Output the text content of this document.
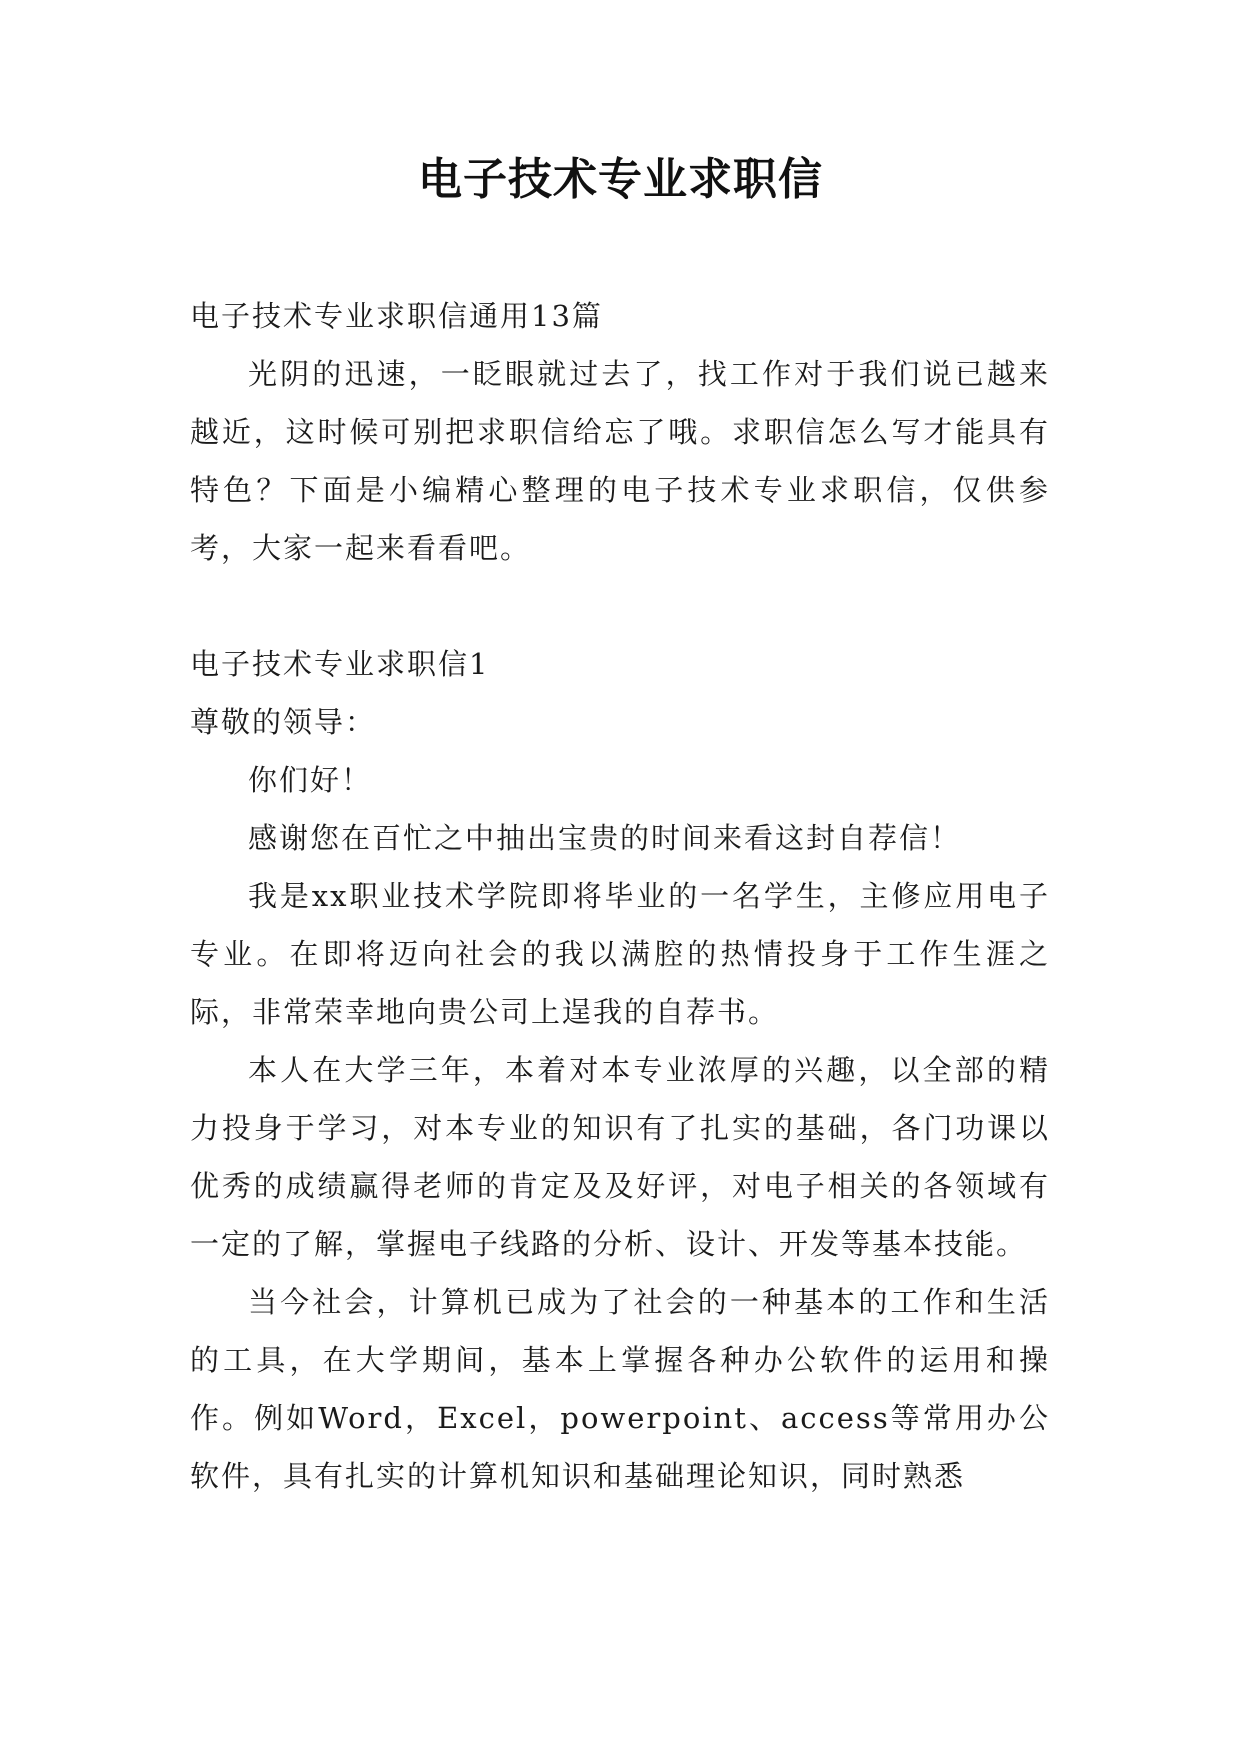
电子技术专业求职信

电子技术专业求职信通用13篇

光阴的迅速，一眨眼就过去了，找工作对于我们说已越来越近，这时候可别把求职信给忘了哦。求职信怎么写才能具有特色？下面是小编精心整理的电子技术专业求职信，仅供参考，大家一起来看看吧。

电子技术专业求职信1

尊敬的领导：

你们好！

感谢您在百忙之中抽出宝贵的时间来看这封自荐信！

我是xx职业技术学院即将毕业的一名学生，主修应用电子专业。在即将迈向社会的我以满腔的热情投身于工作生涯之际，非常荣幸地向贵公司上逞我的自荐书。

本人在大学三年，本着对本专业浓厚的兴趣，以全部的精力投身于学习，对本专业的知识有了扎实的基础，各门功课以优秀的成绩赢得老师的肯定及及好评，对电子相关的各领域有一定的了解，掌握电子线路的分析、设计、开发等基本技能。

当今社会，计算机已成为了社会的一种基本的工作和生活的工具，在大学期间，基本上掌握各种办公软件的运用和操作。例如Word，Excel，powerpoint、access等常用办公软件，具有扎实的计算机知识和基础理论知识，同时熟悉
